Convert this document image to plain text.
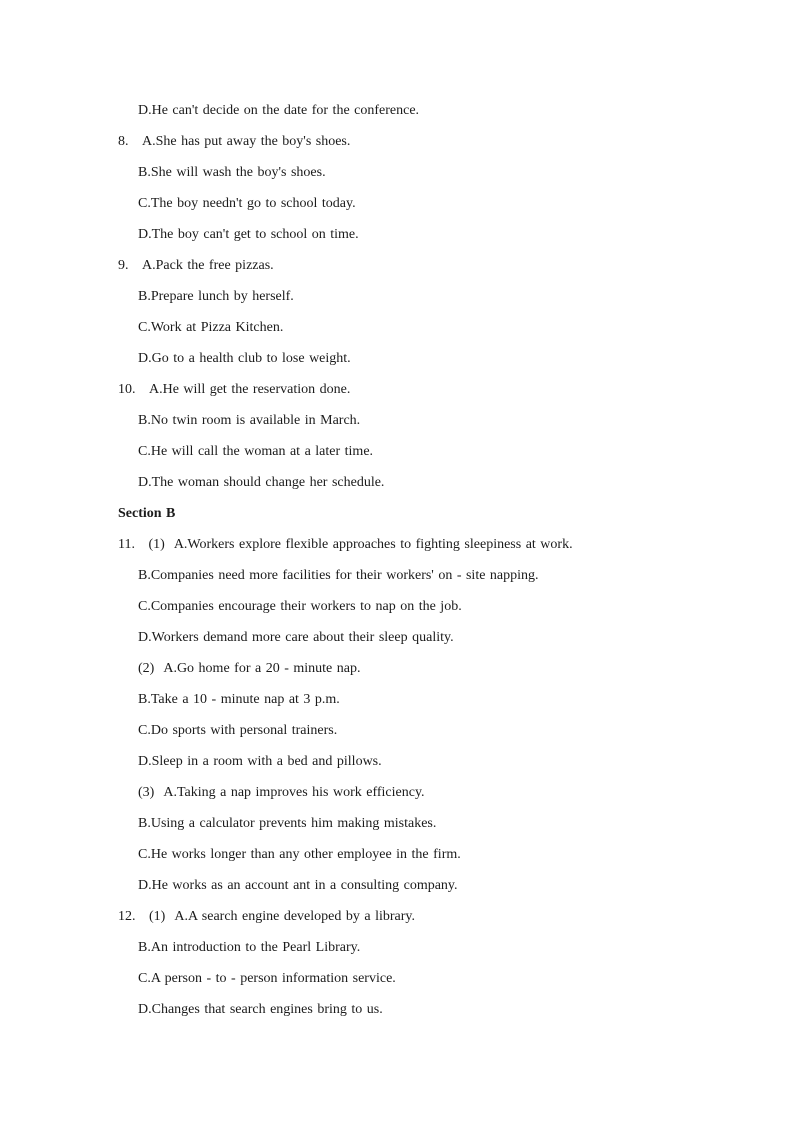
D.He can't decide on the date for the conference.
8.   A.She has put away the boy's shoes.
B.She will wash the boy's shoes.
C.The boy needn't go to school today.
D.The boy can't get to school on time.
9.   A.Pack the free pizzas.
B.Prepare lunch by herself.
C.Work at Pizza Kitchen.
D.Go to a health club to lose weight.
10.   A.He will get the reservation done.
B.No twin room is available in March.
C.He will call the woman at a later time.
D.The woman should change her schedule.
Section B
11.   (1)  A.Workers explore flexible approaches to fighting sleepiness at work.
B.Companies need more facilities for their workers' on - site napping.
C.Companies encourage their workers to nap on the job.
D.Workers demand more care about their sleep quality.
(2)  A.Go home for a 20 - minute nap.
B.Take a 10 - minute nap at 3 p.m.
C.Do sports with personal trainers.
D.Sleep in a room with a bed and pillows.
(3)  A.Taking a nap improves his work efficiency.
B.Using a calculator prevents him making mistakes.
C.He works longer than any other employee in the firm.
D.He works as an account ant in a consulting company.
12.   (1)  A.A search engine developed by a library.
B.An introduction to the Pearl Library.
C.A person - to - person information service.
D.Changes that search engines bring to us.
